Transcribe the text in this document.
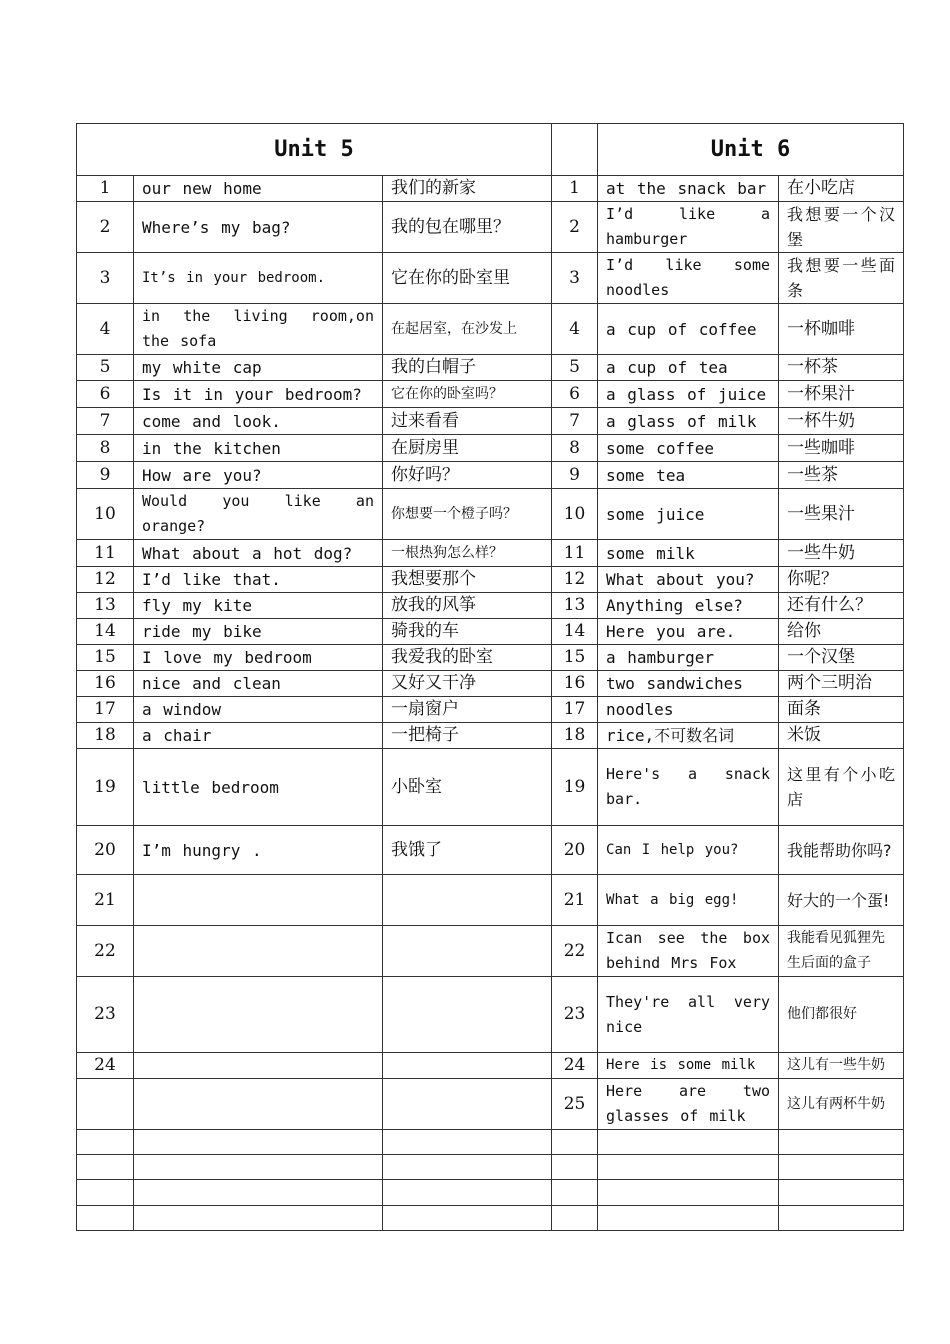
Unit 5				Unit 6	
1	our new home	我们的新家	1	at the snack bar	在小吃店
2	Where’s my bag?	我的包在哪里？	2	I’d like a hamburger	我想要一个汉堡
3	It’s in your bedroom.	它在你的卧室里	3	I’d like some noodles	我想要一些面条
4	in the living room,on the sofa	在起居室，在沙发上	4	a cup of coffee	一杯咖啡
5	my white cap	我的白帽子	5	a cup of tea	一杯茶
6	Is it in your bedroom?	它在你的卧室吗？	6	a glass of juice	一杯果汁
7	come and look.	过来看看	7	a glass of milk	一杯牛奶
8	in the kitchen	在厨房里	8	some coffee	一些咖啡
9	How are you?	你好吗？	9	some tea	一些茶
10	Would you like an orange?	你想要一个橙子吗？	10	some juice	一些果汁
11	What about a hot dog?	一根热狗怎么样？	11	some milk	一些牛奶
12	I’d like that.	我想要那个	12	What about you?	你呢？
13	fly my kite	放我的风筝	13	Anything else?	还有什么？
14	ride my bike	骑我的车	14	Here you are.	给你
15	I love my bedroom	我爱我的卧室	15	a hamburger	一个汉堡
16	nice and clean	又好又干净	16	two sandwiches	两个三明治
17	a window	一扇窗户	17	noodles	面条
18	a chair	一把椅子	18	rice,不可数名词	米饭
19	little bedroom	小卧室	19	Here's a snack bar.	这里有个小吃店
20	I’m hungry .	我饿了	20	Can I help you?	我能帮助你吗?
21			21	What a big egg!	好大的一个蛋!
22			22	Ican see the box behind Mrs Fox	我能看见狐狸先生后面的盒子
23			23	They're all very nice	他们都很好
24			24	Here is some milk	这儿有一些牛奶
			25	Here are two glasses of milk	这儿有两杯牛奶
